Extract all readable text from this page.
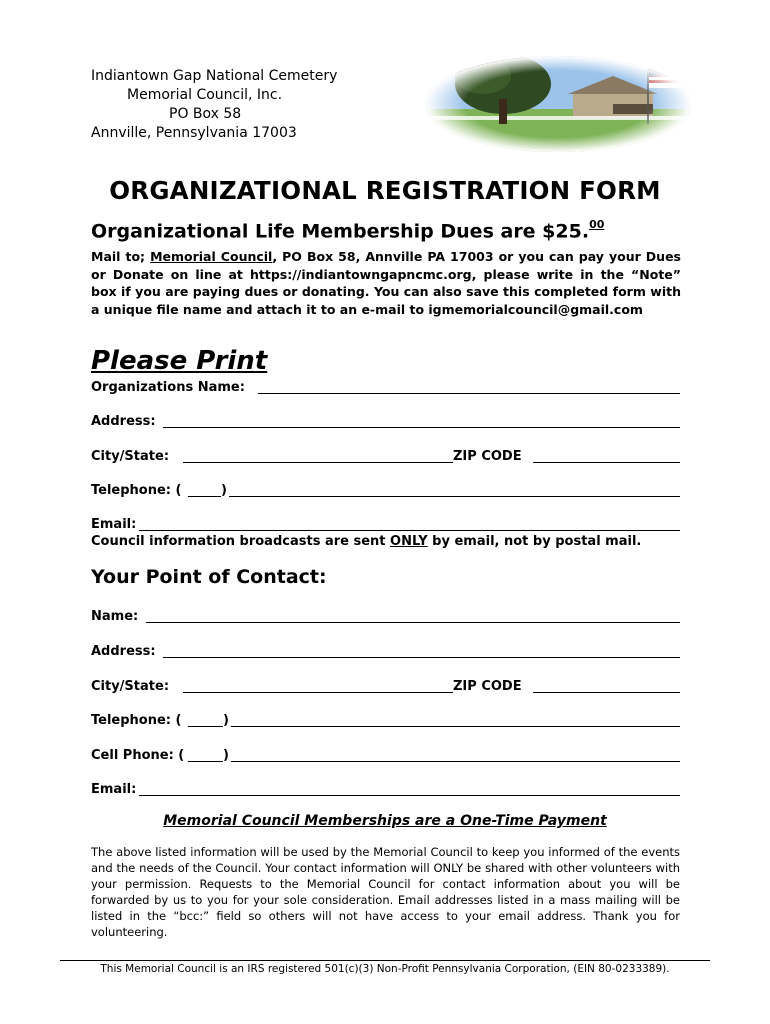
Indiantown Gap National Cemetery
Memorial Council, Inc.
PO Box 58
Annville, Pennsylvania 17003
ORGANIZATIONAL REGISTRATION FORM
Organizational Life Membership Dues are $25.00
Mail to; Memorial Council, PO Box 58, Annville PA 17003 or you can pay your Dues or Donate on line at https://indiantowngapncmc.org, please write in the “Note” box if you are paying dues or donating. You can also save this completed form with a unique file name and attach it to an e-mail to igmemorialcouncil@gmail.com
Please Print
Organizations Name:
Address:
City/State:	ZIP CODE
Telephone: (	)
Email:
Council information broadcasts are sent ONLY by email, not by postal mail.
Your Point of Contact:
Name:
Address:
City/State:	ZIP CODE
Telephone: (	)
Cell Phone: (	)
Email:
Memorial Council Memberships are a One-Time Payment
The above listed information will be used by the Memorial Council to keep you informed of the events and the needs of the Council. Your contact information will ONLY be shared with other volunteers with your permission. Requests to the Memorial Council for contact information about you will be forwarded by us to you for your sole consideration. Email addresses listed in a mass mailing will be listed in the “bcc:” field so others will not have access to your email address. Thank you for volunteering.
This Memorial Council is an IRS registered 501(c)(3) Non-Profit Pennsylvania Corporation, (EIN 80-0233389).
